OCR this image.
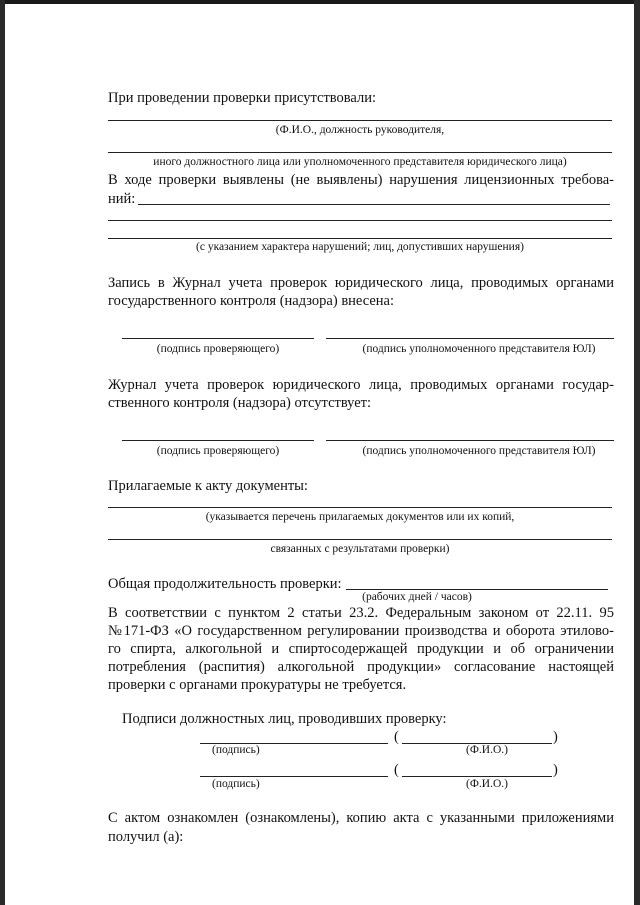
При проведении проверки присутствовали:
(Ф.И.О., должность руководителя,
иного должностного лица или уполномоченного представителя юридического лица)
В ходе проверки выявлены (не выявлены) нарушения лицензионных требова-
ний:
(с указанием характера нарушений; лиц, допустивших нарушения)
Запись в Журнал учета проверок юридического лица, проводимых органами
государственного контроля (надзора) внесена:
(подпись проверяющего)	(подпись уполномоченного представителя ЮЛ)
Журнал учета проверок юридического лица, проводимых органами государ-
ственного контроля (надзора) отсутствует:
(подпись проверяющего)	(подпись уполномоченного представителя ЮЛ)
Прилагаемые к акту документы:
(указывается перечень прилагаемых документов или их копий,
связанных с результатами проверки)
Общая продолжительность проверки:
(рабочих дней / часов)
В соответствии с пунктом 2 статьи 23.2. Федеральным законом от 22.11. 95
№171-ФЗ «О государственном регулировании производства и оборота этилово-
го спирта, алкогольной и спиртосодержащей продукции и об ограничении
потребления (распития) алкогольной продукции» согласование настоящей
проверки с органами прокуратуры не требуется.
Подписи должностных лиц, проводивших проверку:
(	)
(подпись)	(Ф.И.О.)
(	)
(подпись)	(Ф.И.О.)
С актом ознакомлен (ознакомлены), копию акта с указанными приложениями
получил (а):
